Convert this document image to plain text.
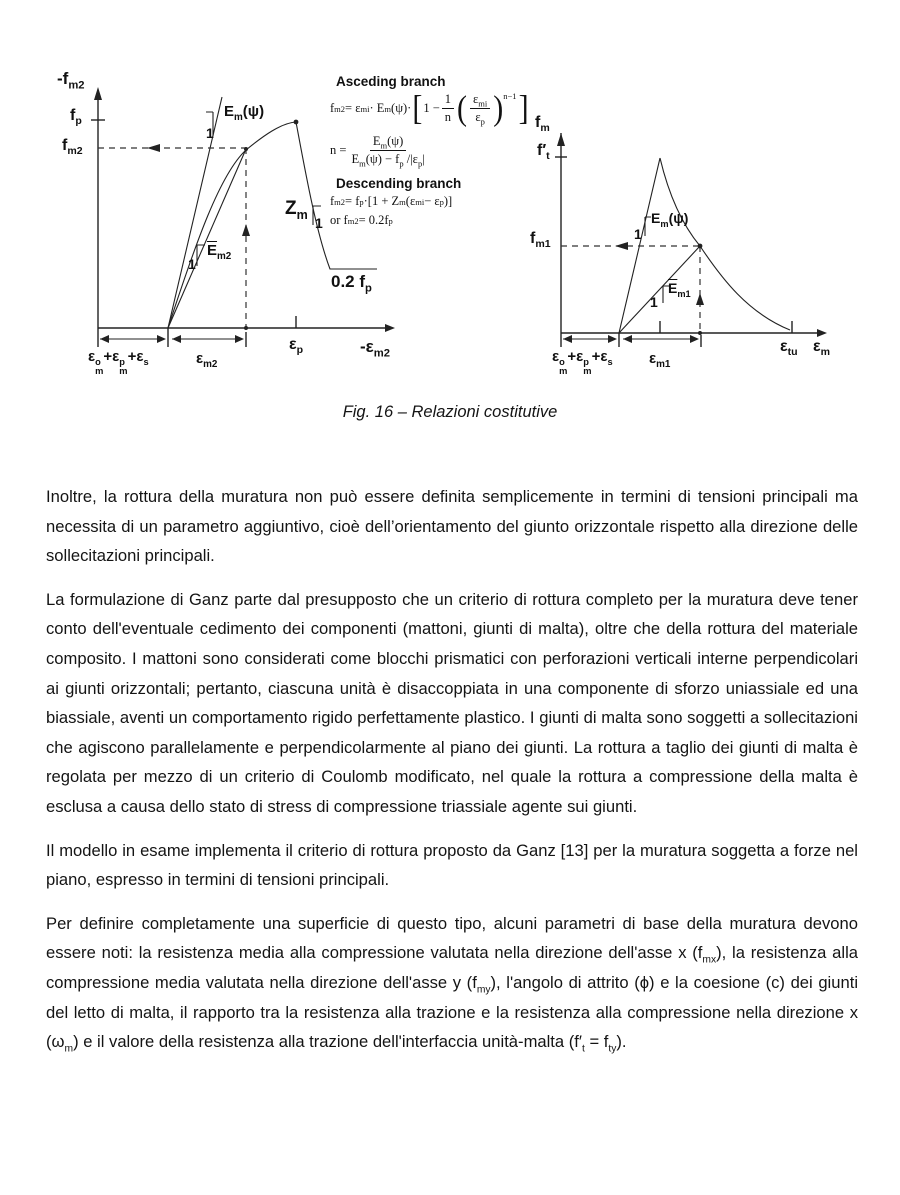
$-f_{m2}$
$f_p$
$f_{m2}$
$E_m(\psi)$
1
$\overline{E}_{m2}$
1
$Z_m$
1
0.2 $f_p$
$\varepsilon_p$	$-\varepsilon_{m2}$
ε o
m
+ε p
m
+ε s
	$\varepsilon_{m2}$
$f_m$
$f'_t$
$f_{m1}$
$E_m(\psi)$
1
$\overline{E}_{m1}$
1
ε o
m
+ε p
m
+ε s
$\varepsilon_{m1}$
$\varepsilon_{tu}$ $\varepsilon_m$
Asceding branch
f m2 = ε mi · E m (ψ)· [ $1 - \frac{1}{n}$ ( $\frac{\varepsilon_{mi}}{\varepsilon_p} )^{n-1}$ ]
$n = \frac{E_m(\psi)}{E_m(\psi) - f_p /|\varepsilon_p|}$
Descending branch
f m2 = f p ·[1 + Z m (ε mi − ε p )]
or f m2 = 0.2f p
Fig. 16 – Relazioni costitutive

Inoltre, la rottura della muratura non può essere definita semplicemente in termini di tensioni principali ma necessita di un parametro aggiuntivo, cioè dell’orientamento del giunto orizzontale rispetto alla direzione delle sollecitazioni principali.

La formulazione di Ganz parte dal presupposto che un criterio di rottura completo per la muratura deve tener conto dell'eventuale cedimento dei componenti (mattoni, giunti di malta), oltre che della rottura del materiale composito. I mattoni sono considerati come blocchi prismatici con perforazioni verticali interne perpendicolari ai giunti orizzontali; pertanto, ciascuna unità è disaccoppiata in una componente di sforzo uniassiale ed una biassiale, aventi un comportamento rigido perfettamente plastico. I giunti di malta sono soggetti a sollecitazioni che agiscono parallelamente e perpendicolarmente al piano dei giunti. La rottura a taglio dei giunti di malta è regolata per mezzo di un criterio di Coulomb modificato, nel quale la rottura a compressione della malta è esclusa a causa dello stato di stress di compressione triassiale agente sui giunti.

Il modello in esame implementa il criterio di rottura proposto da Ganz [13] per la muratura soggetta a forze nel piano, espresso in termini di tensioni principali.

Per definire completamente una superficie di questo tipo, alcuni parametri di base della muratura devono essere noti: la resistenza media alla compressione valutata nella direzione dell'asse x $(f_{mx})$, la resistenza alla compressione media valutata nella direzione dell'asse y $(f_{my})$, l'angolo di attrito (ϕ) e la coesione (c) dei giunti del letto di malta, il rapporto tra la resistenza alla trazione e la resistenza alla compressione nella direzione x $(\omega_m)$ e il valore della resistenza alla trazione dell'interfaccia unità-malta $(f'_t = f_{ty})$.
